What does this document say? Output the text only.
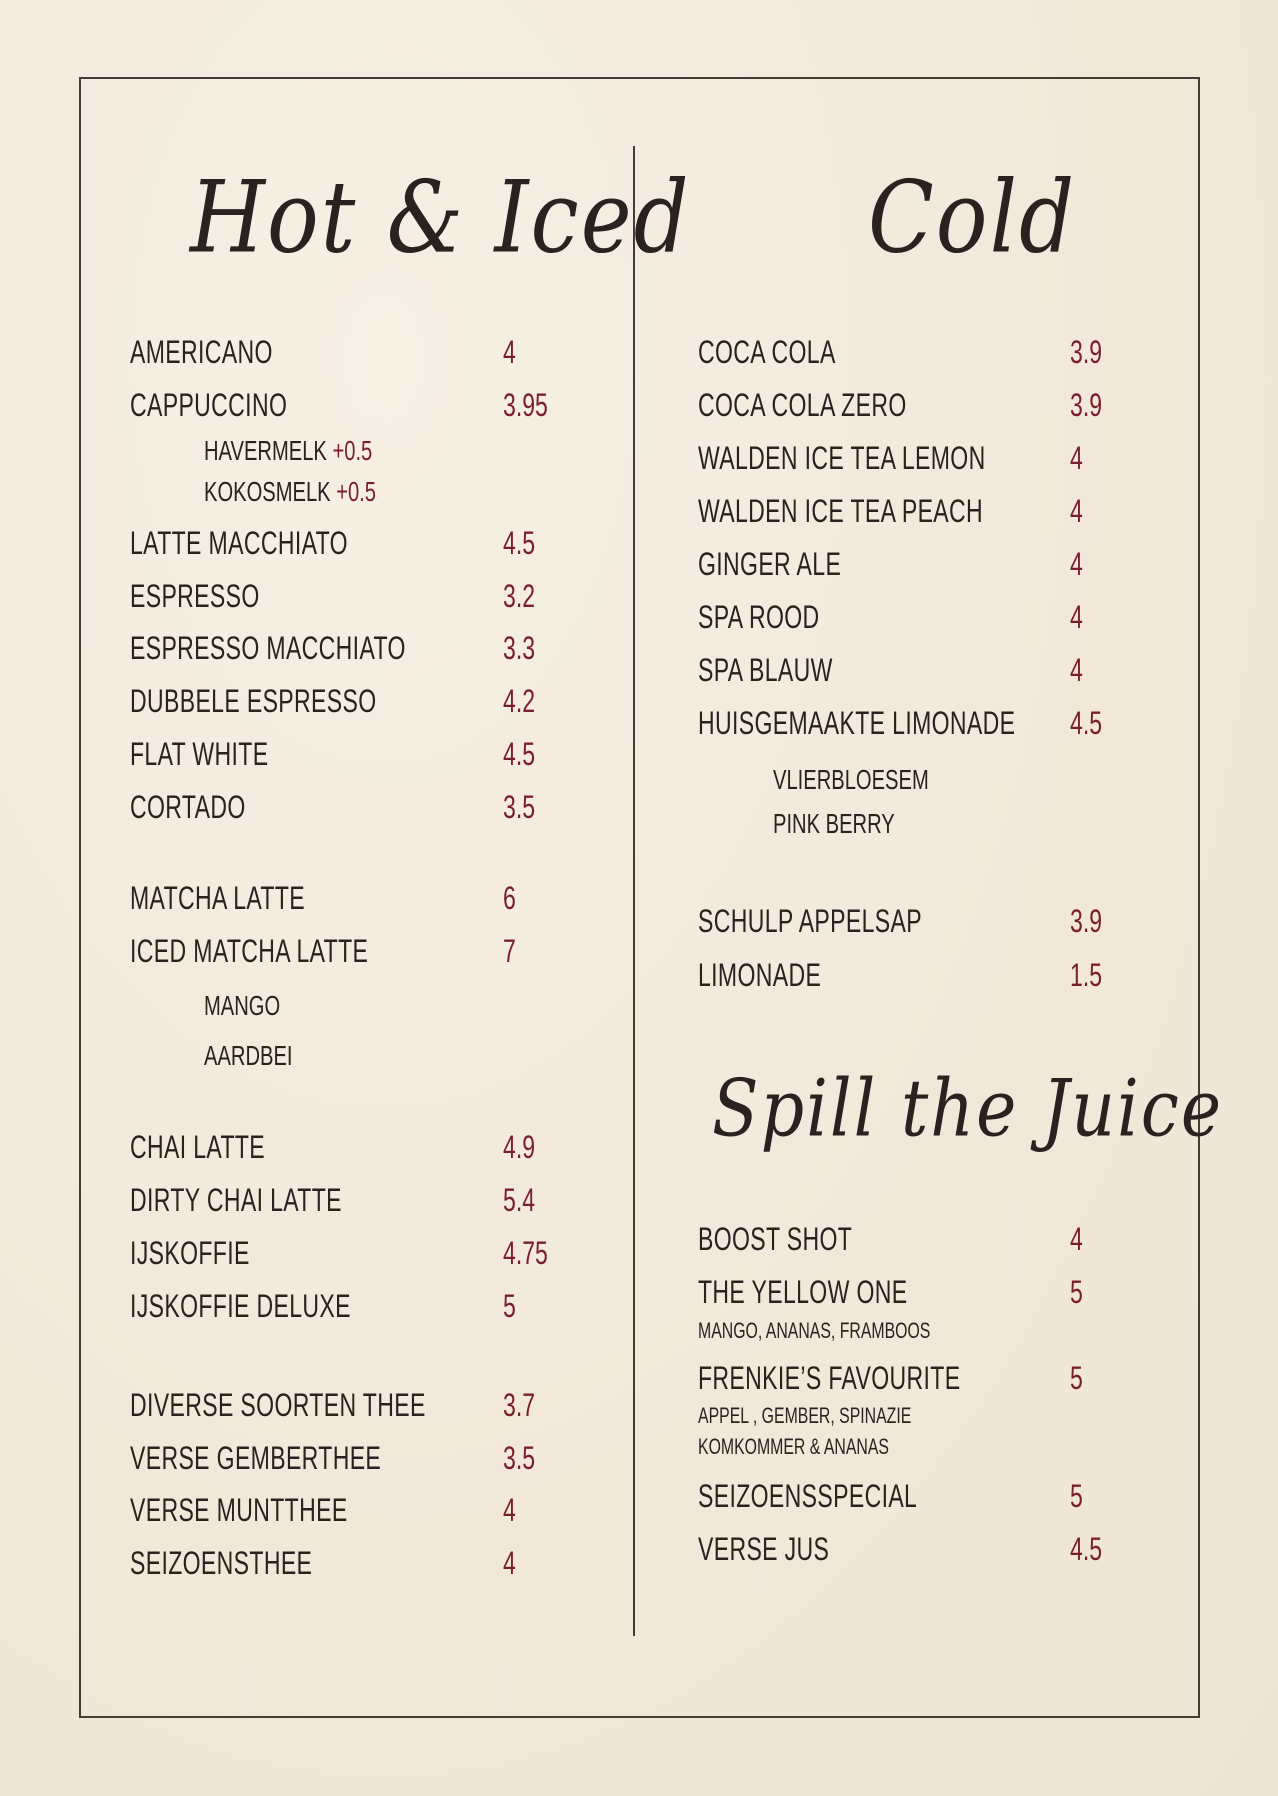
Hot & Iced Cold
Spill the Juice
AMERICANO	4
CAPPUCCINO	3.95
HAVERMELK +0.5
KOKOSMELK +0.5
LATTE MACCHIATO	4.5
ESPRESSO	3.2
ESPRESSO MACCHIATO	3.3
DUBBELE ESPRESSO	4.2
FLAT WHITE	4.5
CORTADO	3.5
MATCHA LATTE	6
ICED MATCHA LATTE	7
MANGO
AARDBEI
CHAI LATTE	4.9
DIRTY CHAI LATTE	5.4
IJSKOFFIE	4.75
IJSKOFFIE DELUXE	5
DIVERSE SOORTEN THEE 3.7
VERSE GEMBERTHEE	3.5
VERSE MUNTTHEE	4
SEIZOENSTHEE	4
COCA COLA	3.9
COCA COLA ZERO	3.9
WALDEN ICE TEA LEMON	4
WALDEN ICE TEA PEACH	4
GINGER ALE	4
SPA ROOD	4
SPA BLAUW	4
HUISGEMAAKTE LIMONADE 4.5
VLIERBLOESEM
PINK BERRY
SCHULP APPELSAP	3.9
LIMONADE	1.5
BOOST SHOT	4
THE YELLOW ONE	5
MANGO, ANANAS, FRAMBOOS
FRENKIE’S FAVOURITE	5
APPEL , GEMBER, SPINAZIE
KOMKOMMER & ANANAS
SEIZOENSSPECIAL	5
VERSE JUS	4.5
